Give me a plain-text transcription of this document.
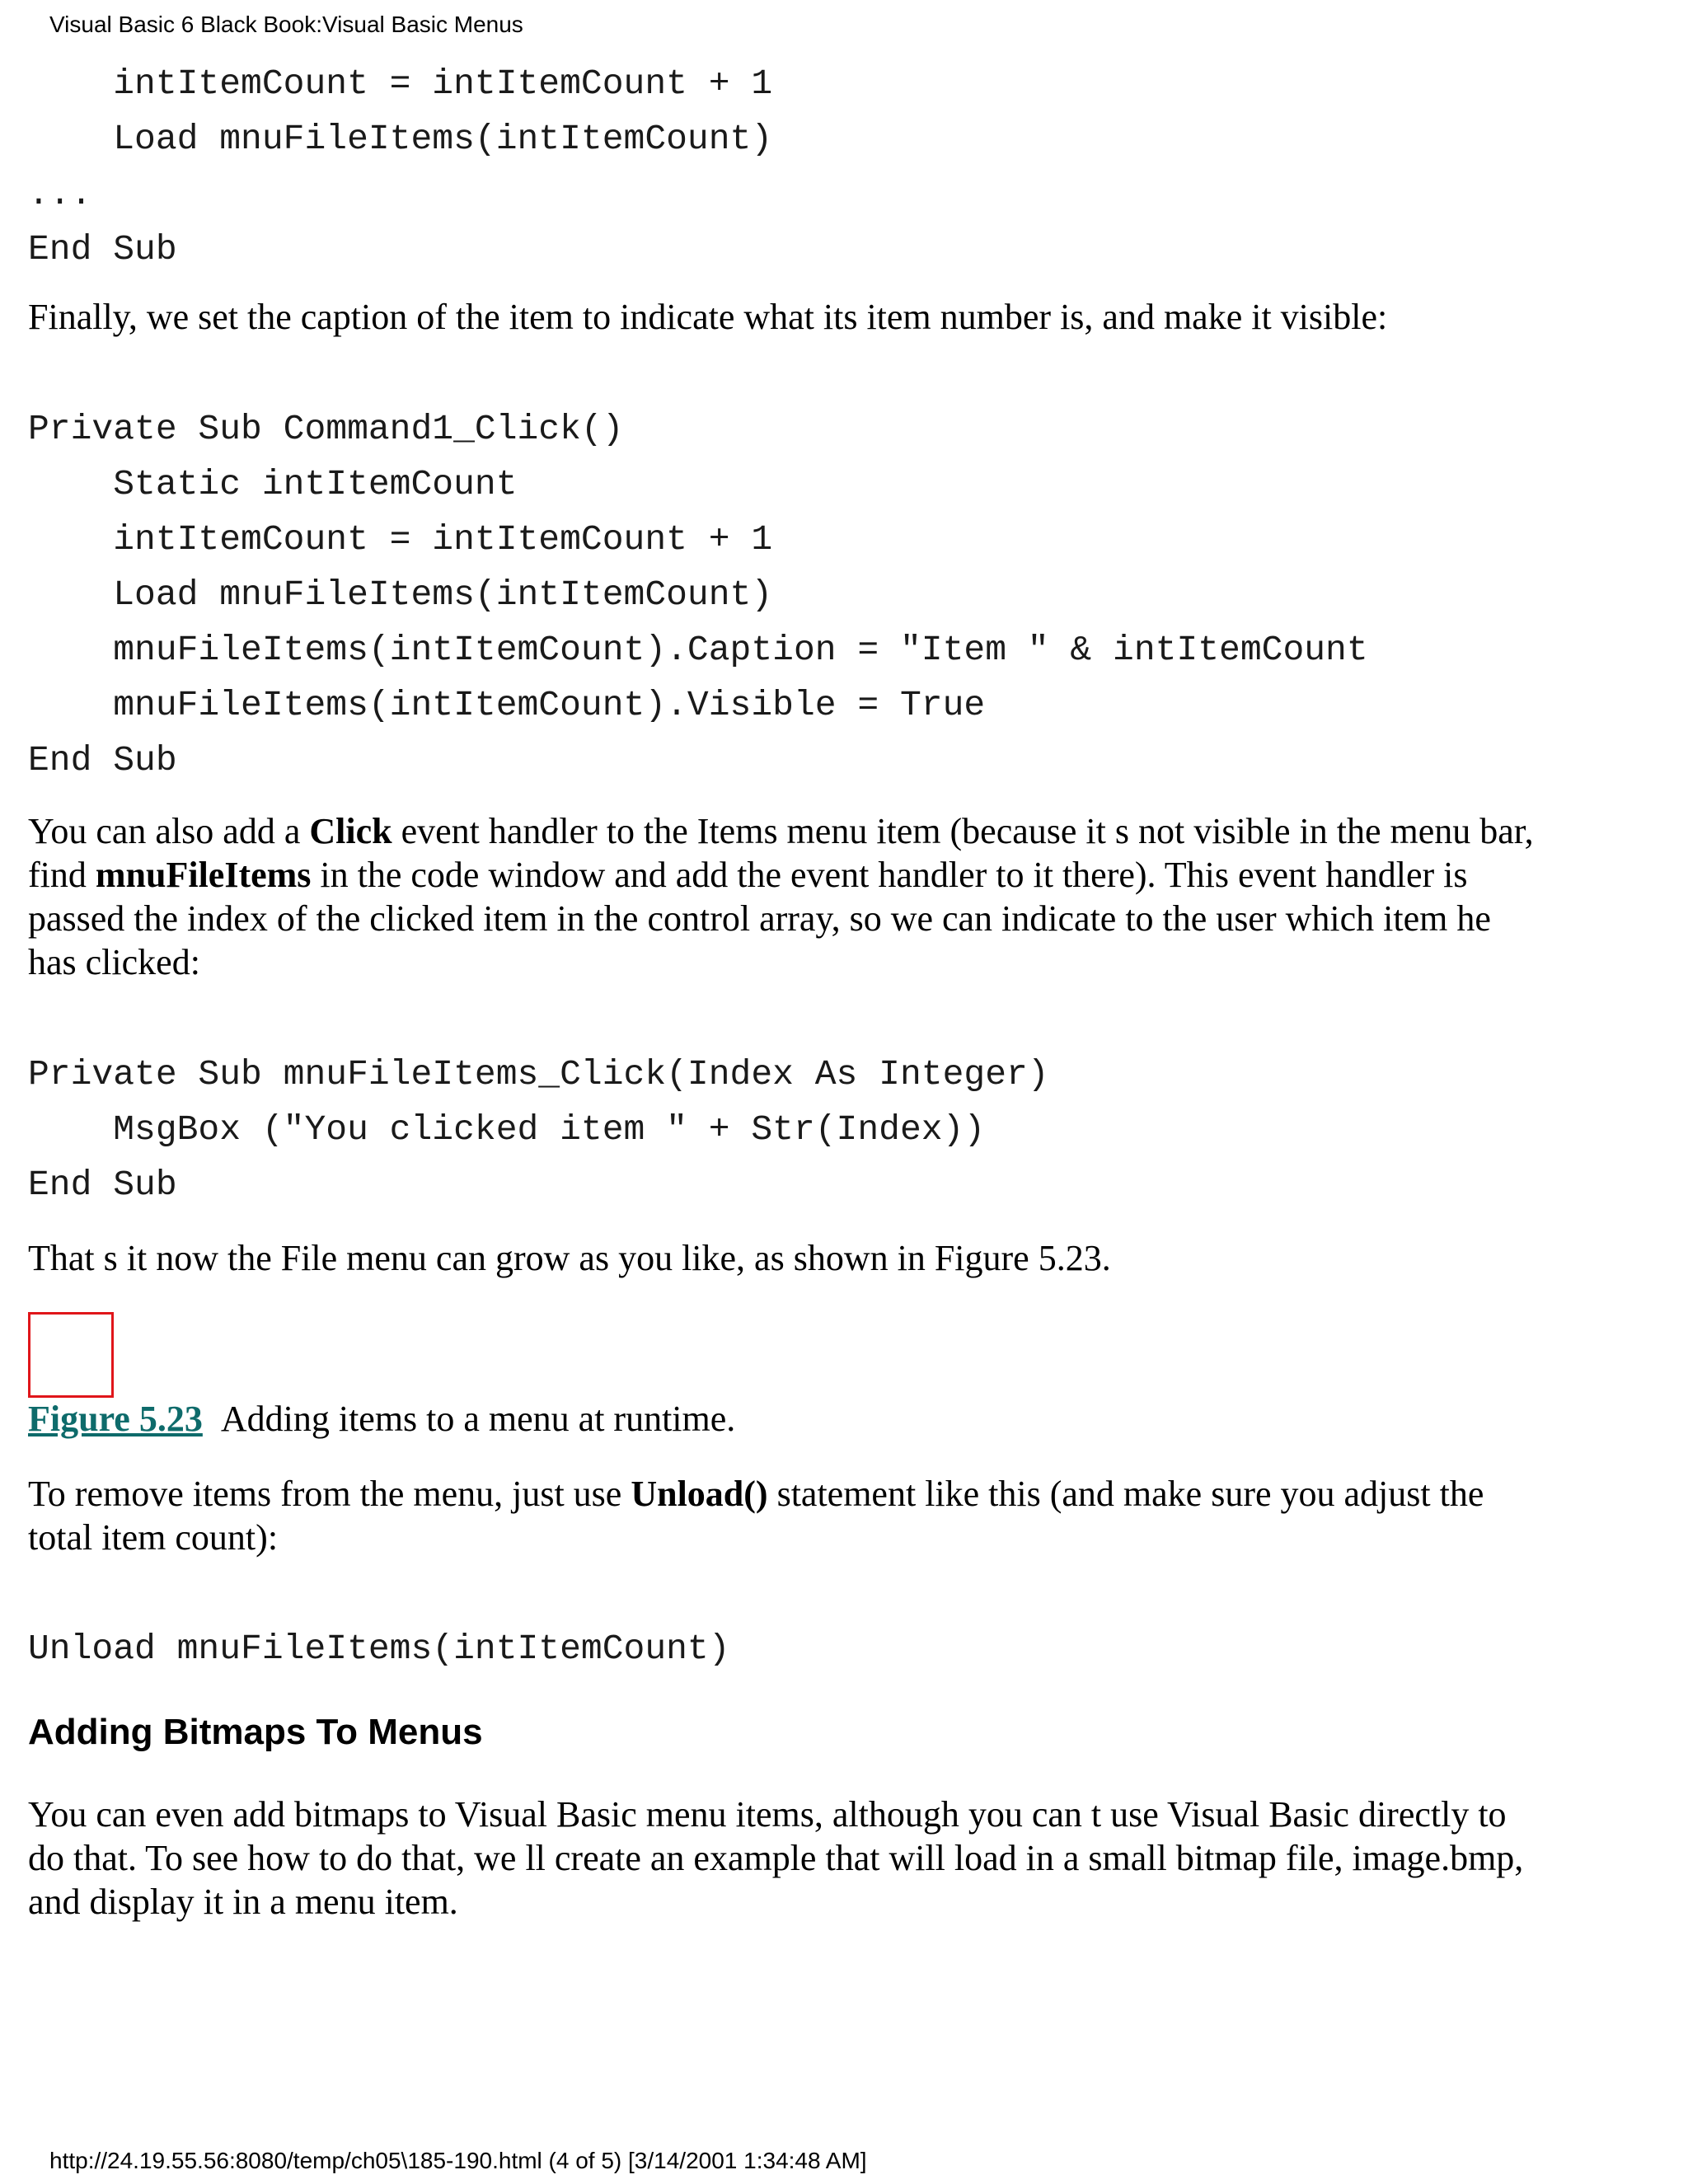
Visual Basic 6 Black Book:Visual Basic Menus
intItemCount = intItemCount + 1
Load mnuFileItems(intItemCount)
...
End Sub

Finally, we set the caption of the item to indicate what its item number is, and make it visible:

Private Sub Command1_Click()
Static intItemCount
intItemCount = intItemCount + 1
Load mnuFileItems(intItemCount)
mnuFileItems(intItemCount).Caption = "Item " & intItemCount
mnuFileItems(intItemCount).Visible = True
End Sub

You can also add a Click event handler to the Items menu item (because it s not visible in the menu bar, find mnuFileItems in the code window and add the event handler to it there). This event handler is passed the index of the clicked item in the control array, so we can indicate to the user which item he has clicked:

Private Sub mnuFileItems_Click(Index As Integer)
MsgBox ("You clicked item " + Str(Index))
End Sub

That s it now the File menu can grow as you like, as shown in Figure 5.23.

Figure 5.23 Adding items to a menu at runtime.

To remove items from the menu, just use Unload() statement like this (and make sure you adjust the total item count):

Unload mnuFileItems(intItemCount)
Adding Bitmaps To Menus

You can even add bitmaps to Visual Basic menu items, although you can t use Visual Basic directly to do that. To see how to do that, we ll create an example that will load in a small bitmap file, image.bmp, and display it in a menu item.

http://24.19.55.56:8080/temp/ch05\185-190.html (4 of 5) [3/14/2001 1:34:48 AM]
